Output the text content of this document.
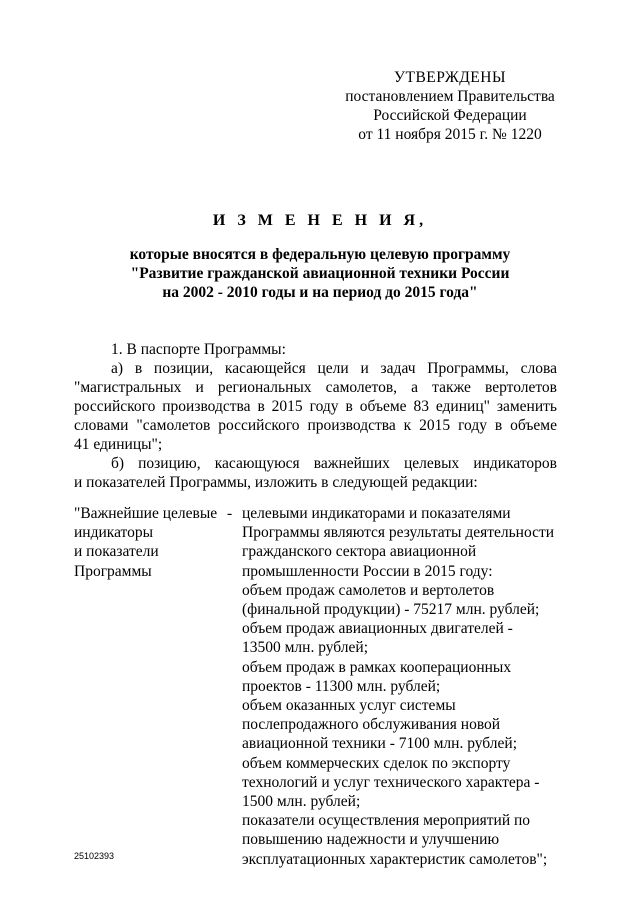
УТВЕРЖДЕНЫ
постановлением Правительства
Российской Федерации
от 11 ноября 2015 г. № 1220
И З М Е Н Е Н И Я,
которые вносятся в федеральную целевую программу
"Развитие гражданской авиационной техники России
на 2002 - 2010 годы и на период до 2015 года"
1. В паспорте Программы:
а) в позиции, касающейся цели и задач Программы, слова
"магистральных и региональных самолетов, а также вертолетов
российского производства в 2015 году в объеме 83 единиц" заменить
словами "самолетов российского производства к 2015 году в объеме
41 единицы";
б) позицию, касающуюся важнейших целевых индикаторов
и показателей Программы, изложить в следующей редакции:
"Важнейшие целевые
индикаторы
и показатели
Программы
- целевыми индикаторами и показателями
Программы являются результаты деятельности
гражданского сектора авиационной
промышленности России в 2015 году:
объем продаж самолетов и вертолетов
(финальной продукции) - 75217 млн. рублей;
объем продаж авиационных двигателей -
13500 млн. рублей;
объем продаж в рамках кооперационных
проектов - 11300 млн. рублей;
объем оказанных услуг системы
послепродажного обслуживания новой
авиационной техники - 7100 млн. рублей;
объем коммерческих сделок по экспорту
технологий и услуг технического характера -
1500 млн. рублей;
показатели осуществления мероприятий по
повышению надежности и улучшению
эксплуатационных характеристик самолетов";
25102393
